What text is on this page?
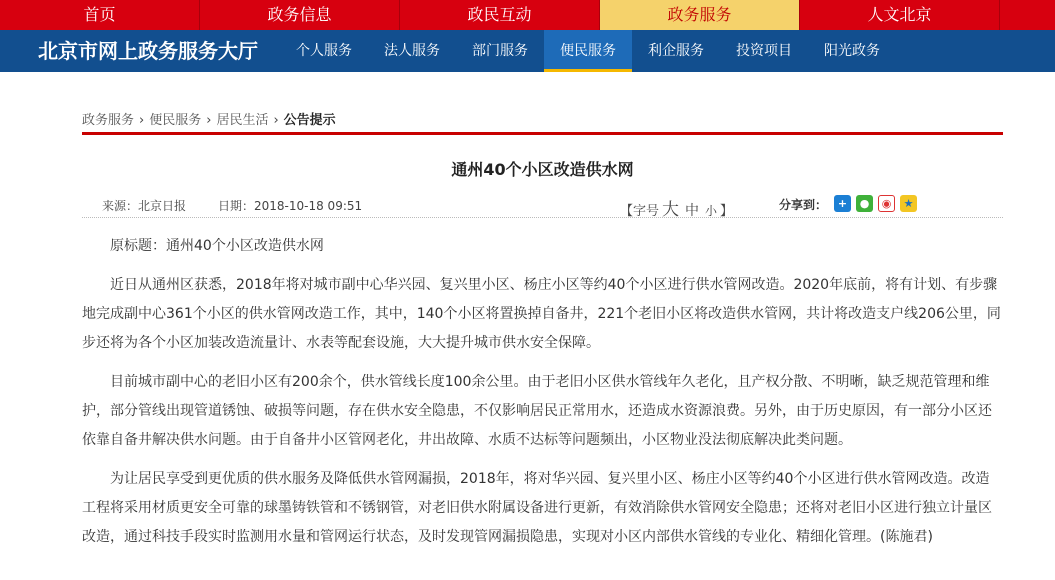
首页	政务信息	政民互动	政务服务	人文北京
北京市网上政务服务大厅	个人服务	法人服务	部门服务	便民服务	利企服务	投资项目	阳光政务
政务服务 › 便民服务 › 居民生活 › 公告提示
通州40个小区改造供水网
来源：北京日报	日期：2018-10-18 09:51	【字号 大 中 小 】	分享到： +	●	◉	★

原标题：通州40个小区改造供水网

近日从通州区获悉，2018年将对城市副中心华兴园、复兴里小区、杨庄小区等约40个小区进行供水管网改造。2020年底前，将有计划、有步骤地完成副中心361个小区的供水管网改造工作，其中，140个小区将置换掉自备井，221个老旧小区将改造供水管网，共计将改造支户线206公里，同步还将为各个小区加装改造流量计、水表等配套设施，大大提升城市供水安全保障。

目前城市副中心的老旧小区有200余个，供水管线长度100余公里。由于老旧小区供水管线年久老化，且产权分散、不明晰，缺乏规范管理和维护，部分管线出现管道锈蚀、破损等问题，存在供水安全隐患，不仅影响居民正常用水，还造成水资源浪费。另外，由于历史原因，有一部分小区还依靠自备井解决供水问题。由于自备井小区管网老化，井出故障、水质不达标等问题频出，小区物业没法彻底解决此类问题。

为让居民享受到更优质的供水服务及降低供水管网漏损，2018年，将对华兴园、复兴里小区、杨庄小区等约40个小区进行供水管网改造。改造工程将采用材质更安全可靠的球墨铸铁管和不锈钢管，对老旧供水附属设备进行更新，有效消除供水管网安全隐患；还将对老旧小区进行独立计量区改造，通过科技手段实时监测用水量和管网运行状态，及时发现管网漏损隐患，实现对小区内部供水管线的专业化、精细化管理。(陈施君)
